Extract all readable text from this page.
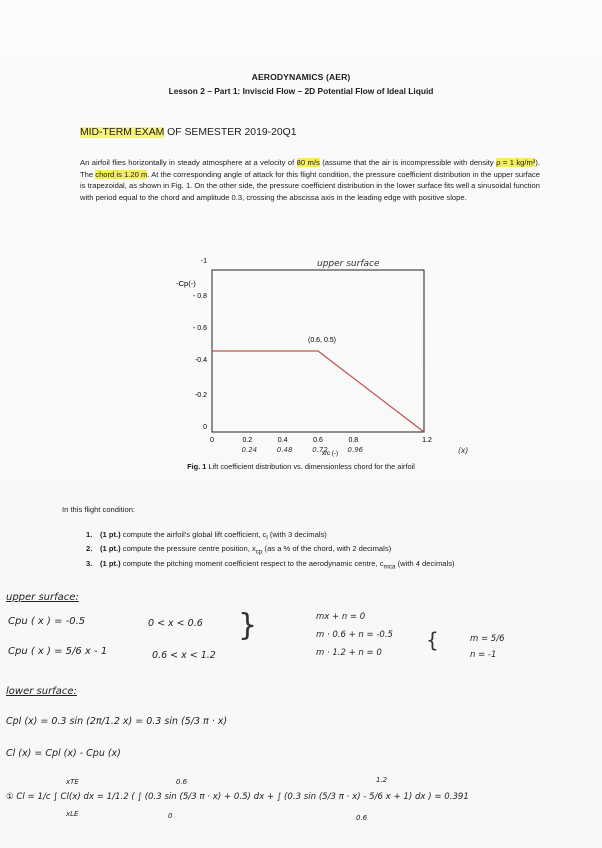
AERODYNAMICS (AER)
Lesson 2 – Part 1: Inviscid Flow – 2D Potential Flow of Ideal Liquid
MID-TERM EXAM OF SEMESTER 2019-20Q1
An airfoil flies horizontally in steady atmosphere at a velocity of 80 m/s (assume that the air is incompressible with density ρ = 1 kg/m³). The chord is 1.20 m. At the corresponding angle of attack for this flight condition, the pressure coefficient distribution in the upper surface is trapezoidal, as shown in Fig. 1. On the other side, the pressure coefficient distribution in the lower surface fits well a sinusoidal function with period equal to the chord and amplitude 0.3, crossing the abscissa axis in the leading edge with positive slope.
-1
- 0.8
- 0.6
-0.4
-0.2
0
0	0.2	0.4	0.6	0.8	1.2
0.24	0.48	0.72	0.96
-Cp(-)
x/c (-)
(0.6, 0.5)
upper surface
(x)
Fig. 1 Lift coefficient distribution vs. dimensionless chord for the airfoil
In this flight condition:
1.	(1 pt.) compute the airfoil's global lift coefficient, $c_l$ (with 3 decimals)
2.	(1 pt.) compute the pressure centre position, $x_{cp}$ (as a % of the chord, with 2 decimals)
3.	(1 pt.) compute the pitching moment coefficient respect to the aerodynamic centre, $c_{mca}$ (with 4 decimals)
upper surface:
Cpu ( x ) = -0.5	0 < x < 0.6
Cpu ( x ) = 5/6 x - 1	0.6 < x < 1.2
}	mx + n = 0
m · 0.6 + n = -0.5
m · 1.2 + n = 0
{	m = 5/6
n = -1
lower surface:
Cpl (x) = 0.3 sin (2π/1.2 x) = 0.3 sin (5/3 π · x)
Cl (x) = Cpl (x) - Cpu (x)
① Cl = 1/c ∫ Cl(x) dx = 1/1.2 ( ∫ (0.3 sin (5/3 π · x) + 0.5) dx + ∫ (0.3 sin (5/3 π · x) - 5/6 x + 1) dx ) = 0.391
xTE
xLE
0.6
0
1.2
0.6
